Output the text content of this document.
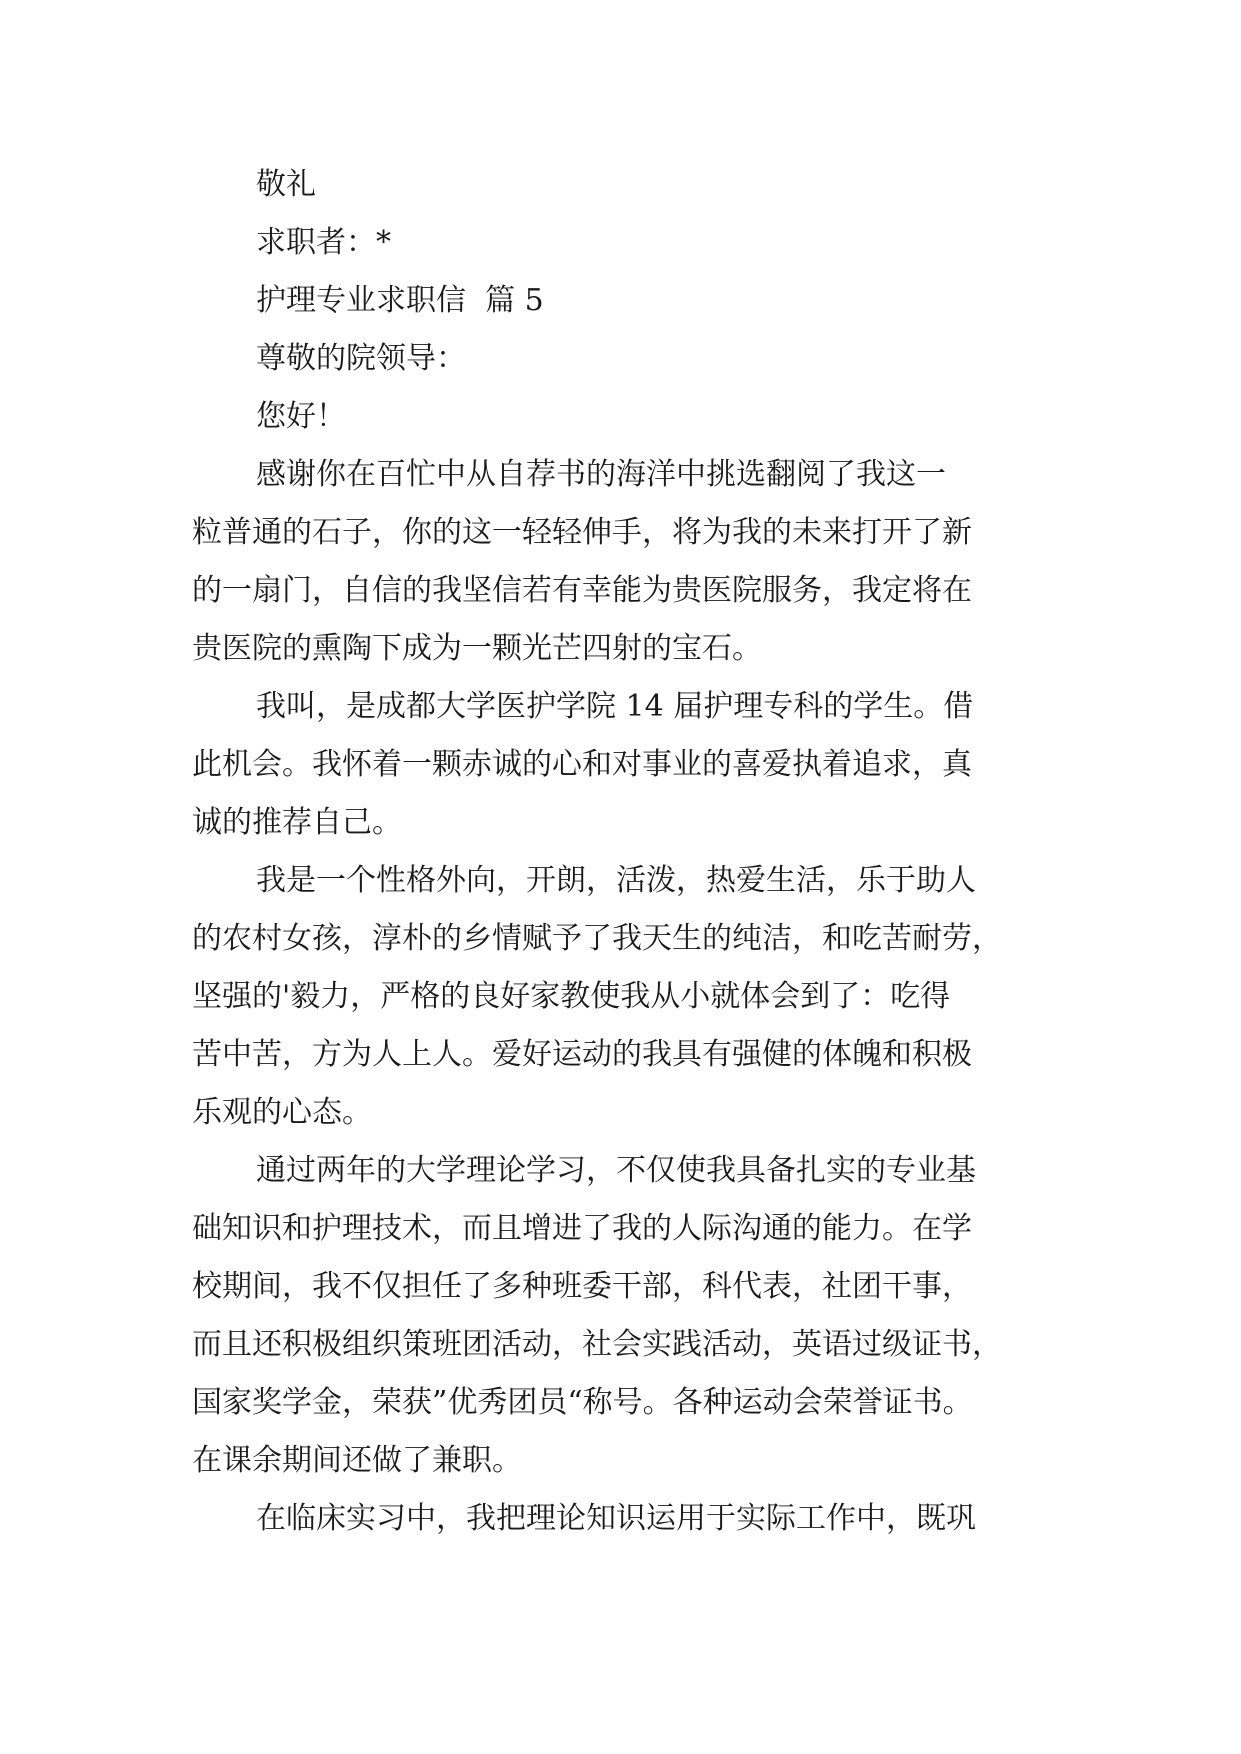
敬礼
求职者：*
护理专业求职信  篇 5
尊敬的院领导：
您好！
感谢你在百忙中从自荐书的海洋中挑选翻阅了我这一
粒普通的石子，你的这一轻轻伸手，将为我的未来打开了新
的一扇门，自信的我坚信若有幸能为贵医院服务，我定将在
贵医院的熏陶下成为一颗光芒四射的宝石。
我叫，是成都大学医护学院 14 届护理专科的学生。借
此机会。我怀着一颗赤诚的心和对事业的喜爱执着追求，真
诚的推荐自己。
我是一个性格外向，开朗，活泼，热爱生活，乐于助人
的农村女孩，淳朴的乡情赋予了我天生的纯洁，和吃苦耐劳，
坚强的'毅力，严格的良好家教使我从小就体会到了：吃得
苦中苦，方为人上人。爱好运动的我具有强健的体魄和积极
乐观的心态。
通过两年的大学理论学习，不仅使我具备扎实的专业基
础知识和护理技术，而且增进了我的人际沟通的能力。在学
校期间，我不仅担任了多种班委干部，科代表，社团干事，
而且还积极组织策班团活动，社会实践活动，英语过级证书，
国家奖学金，荣获”优秀团员“称号。各种运动会荣誉证书。
在课余期间还做了兼职。
在临床实习中，我把理论知识运用于实际工作中，既巩
